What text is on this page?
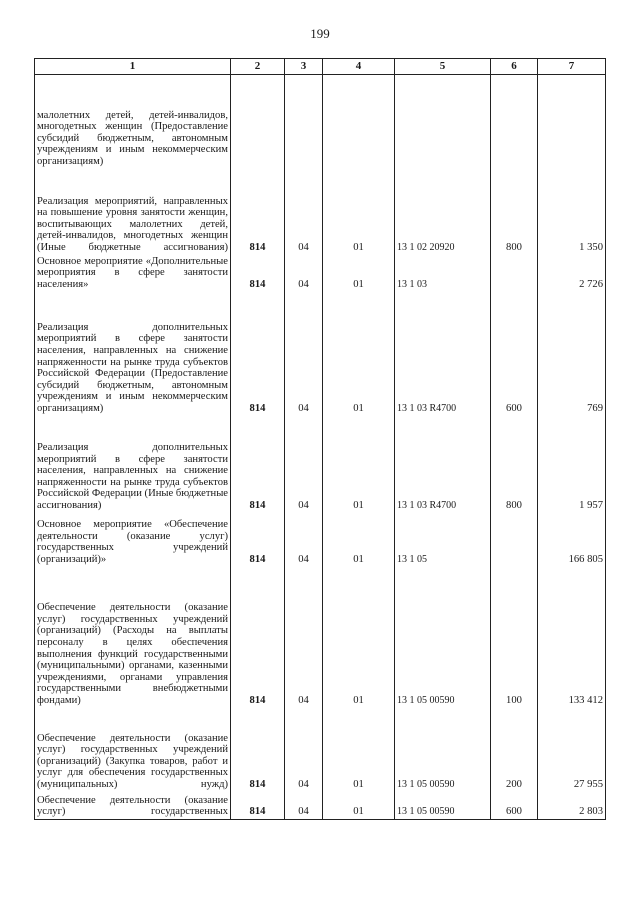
199
1	2	3	4	5	6	7
малолетних детей, детей-инвалидов, многодетных женщин (Предоставление субсидий бюджетным, автономным учреждениям и иным некоммерческим организациям)						
Реализация мероприятий, направленных на повышение уровня занятости женщин, воспитывающих малолетних детей, детей-инвалидов, многодетных женщин (Иные бюджетные ассигнования)	814	04	01	13 1 02 20920	800	1 350
Основное мероприятие «Дополнительные мероприятия в сфере занятости населения»	814	04	01	13 1 03		2 726
Реализация дополнительных мероприятий в сфере занятости населения, направленных на снижение напряженности на рынке труда субъектов Российской Федерации (Предоставление субсидий бюджетным, автономным учреждениям и иным некоммерческим организациям)	814	04	01	13 1 03 R4700	600	769
Реализация дополнительных мероприятий в сфере занятости населения, направленных на снижение напряженности на рынке труда субъектов Российской Федерации (Иные бюджетные ассигнования)	814	04	01	13 1 03 R4700	800	1 957
Основное мероприятие «Обеспечение деятельности (оказание услуг) государственных учреждений (организаций)»	814	04	01	13 1 05		166 805
Обеспечение деятельности (оказание услуг) государственных учреждений (организаций) (Расходы на выплаты персоналу в целях обеспечения выполнения функций государственными (муниципальными) органами, казенными учреждениями, органами управления государственными внебюджетными фондами)	814	04	01	13 1 05 00590	100	133 412
Обеспечение деятельности (оказание услуг) государственных учреждений (организаций) (Закупка товаров, работ и услуг для обеспечения государственных (муниципальных) нужд)	814	04	01	13 1 05 00590	200	27 955
Обеспечение деятельности (оказание услуг) государственных	814	04	01	13 1 05 00590	600	2 803
